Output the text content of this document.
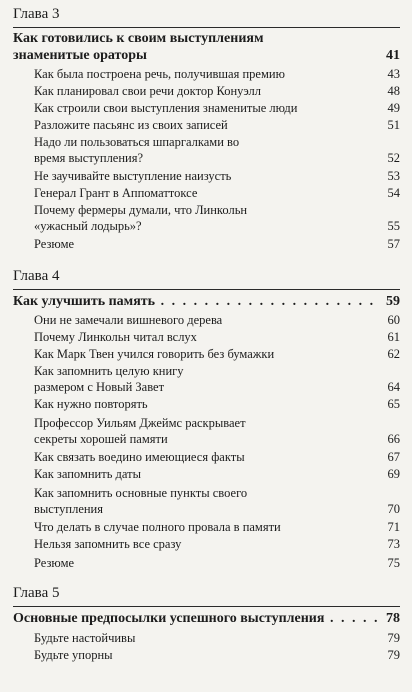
Глава 3
Как готовились к своим выступлениям знаменитые ораторы	41
Как была построена речь, получившая премию	43
Как планировал свои речи доктор Конуэлл	48
Как строили свои выступления знаменитые люди	49
Разложите пасьянс из своих записей	51
Надо ли пользоваться шпаргалками во время выступления?	52
Не заучивайте выступление наизусть	53
Генерал Грант в Аппоматтоксе	54
Почему фермеры думали, что Линкольн «ужасный лодырь»?	55
Резюме	57
Глава 4
Как улучшить память . . . . . . . . . . . . . . . . . . . . 59
Они не замечали вишневого дерева	60
Почему Линкольн читал вслух	61
Как Марк Твен учился говорить без бумажки	62
Как запомнить целую книгу размером с Новый Завет	64
Как нужно повторять	65
Профессор Уильям Джеймс раскрывает секреты хорошей памяти	66
Как связать воедино имеющиеся факты	67
Как запомнить даты	69
Как запомнить основные пункты своего выступления	70
Что делать в случае полного провала в памяти	71
Нельзя запомнить все сразу	73
Резюме	75
Глава 5
Основные предпосылки успешного выступления . . . . . 78
Будьте настойчивы	79
Будьте упорны	79
